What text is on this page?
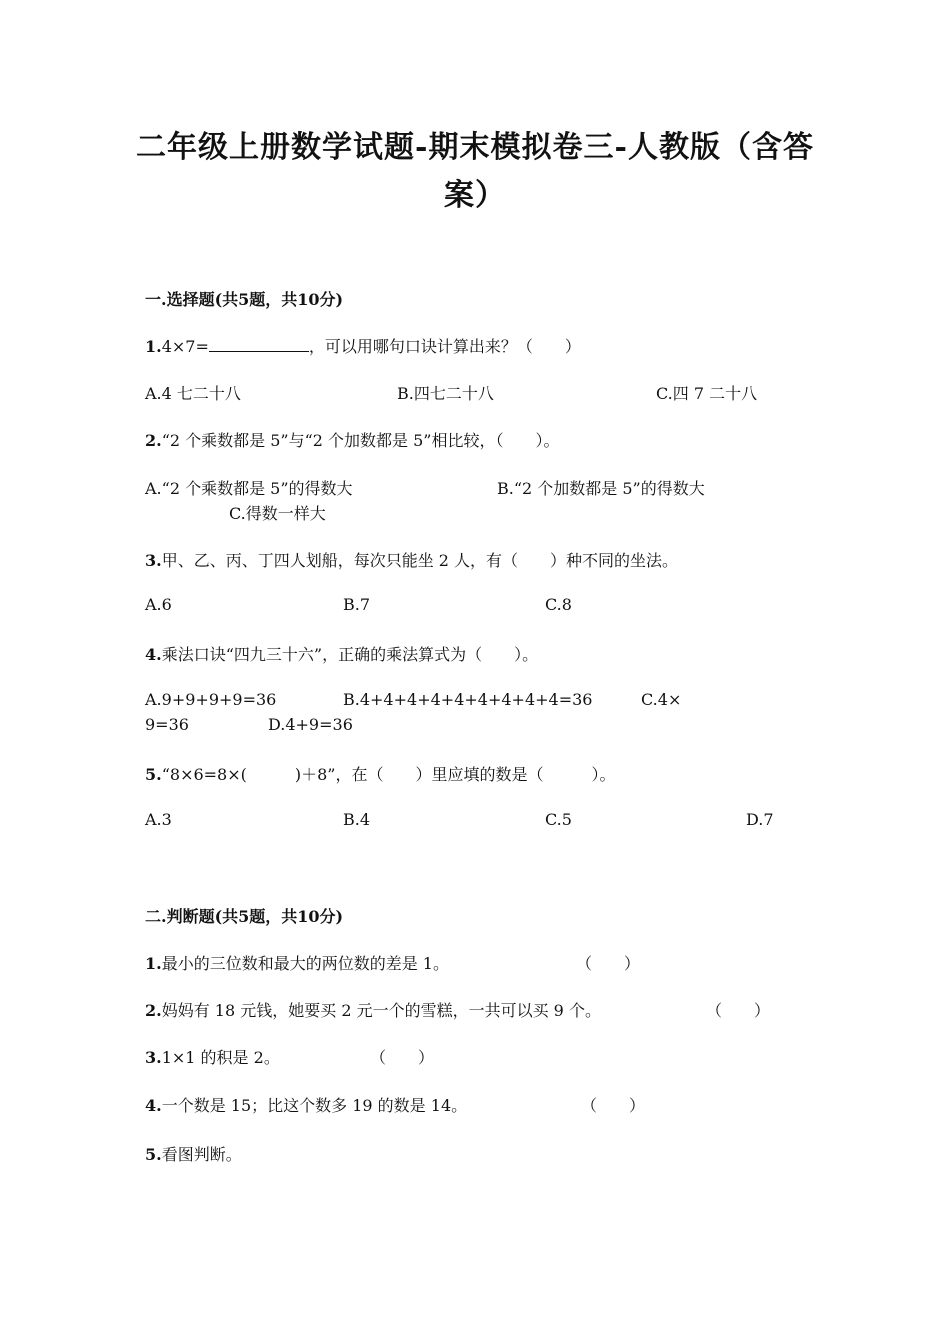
二年级上册数学试题-期末模拟卷三-人教版（含答
案）
一.选择题(共5题，共10分)
1.4×7=	，可以用哪句口诀计算出来？（　　）
A.4 七二十八	B.四七二十八	C.四 7 二十八
2.“2 个乘数都是 5”与“2 个加数都是 5”相比较，（　　）。
A.“2 个乘数都是 5”的得数大	B.“2 个加数都是 5”的得数大
C.得数一样大
3.甲、乙、丙、丁四人划船，每次只能坐 2 人，有（　　）种不同的坐法。
A.6	B.7	C.8
4.乘法口诀“四九三十六”，正确的乘法算式为（　　）。
A.9+9+9+9=36	B.4+4+4+4+4+4+4+4+4=36	C.4×
9=36	D.4+9=36
5.“8×6=8×(　　　)＋8”，在（　　）里应填的数是（　　　）。
A.3	B.4	C.5	D.7
二.判断题(共5题，共10分)
1.最小的三位数和最大的两位数的差是 1。	（　　）
2.妈妈有 18 元钱，她要买 2 元一个的雪糕，一共可以买 9 个。	（　　）
3.1×1 的积是 2。	（　　）
4.一个数是 15；比这个数多 19 的数是 14。	（　　）
5.看图判断。
